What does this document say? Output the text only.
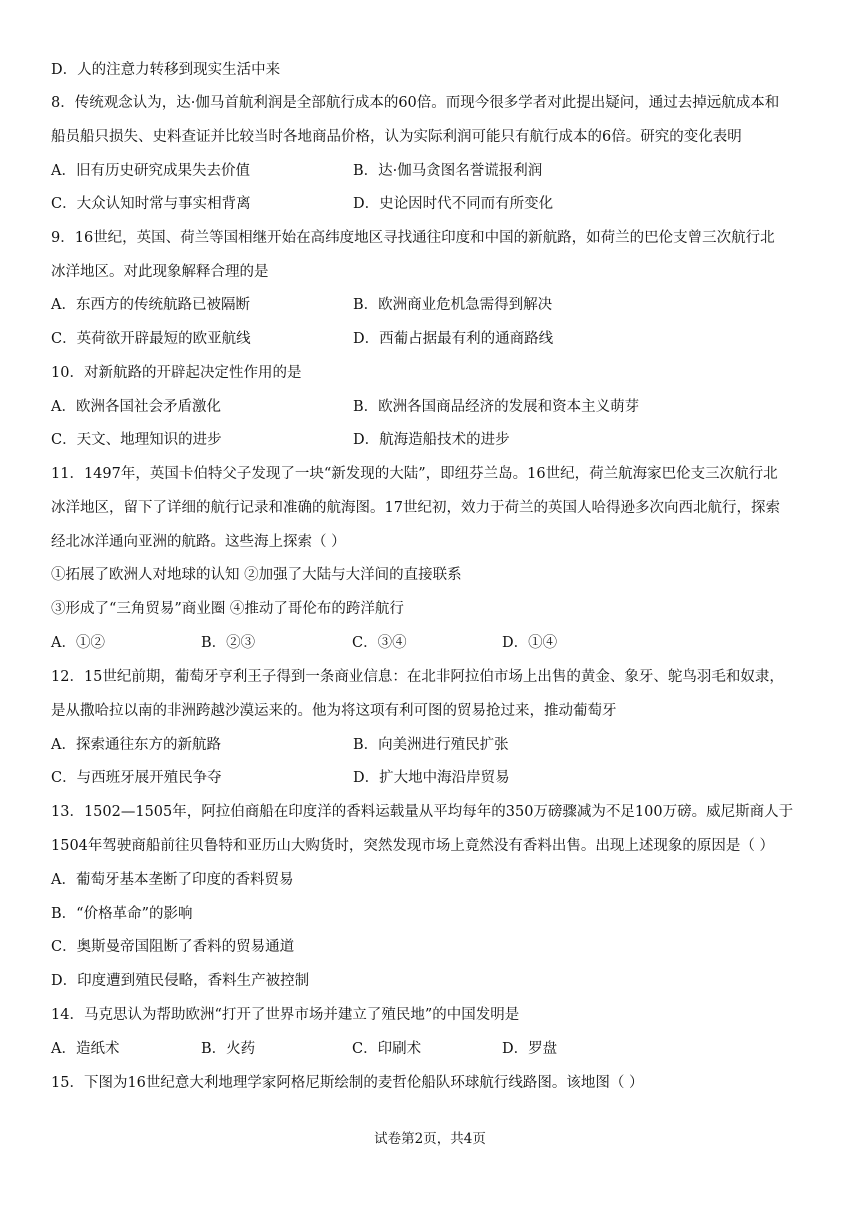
D．人的注意力转移到现实生活中来
8．传统观念认为，达·伽马首航利润是全部航行成本的60倍。而现今很多学者对此提出疑问，通过去掉远航成本和
船员船只损失、史料查证并比较当时各地商品价格，认为实际利润可能只有航行成本的6倍。研究的变化表明
A．旧有历史研究成果失去价值	B．达·伽马贪图名誉谎报利润
C．大众认知时常与事实相背离	D．史论因时代不同而有所变化
9．16世纪，英国、荷兰等国相继开始在高纬度地区寻找通往印度和中国的新航路，如荷兰的巴伦支曾三次航行北
冰洋地区。对此现象解释合理的是
A．东西方的传统航路已被隔断	B．欧洲商业危机急需得到解决
C．英荷欲开辟最短的欧亚航线	D．西葡占据最有利的通商路线
10．对新航路的开辟起决定性作用的是
A．欧洲各国社会矛盾激化	B．欧洲各国商品经济的发展和资本主义萌芽
C．天文、地理知识的进步	D．航海造船技术的进步
11．1497年，英国卡伯特父子发现了一块“新发现的大陆”，即纽芬兰岛。16世纪，荷兰航海家巴伦支三次航行北
冰洋地区，留下了详细的航行记录和准确的航海图。17世纪初，效力于荷兰的英国人哈得逊多次向西北航行，探索
经北冰洋通向亚洲的航路。这些海上探索（ ）
①拓展了欧洲人对地球的认知 ②加强了大陆与大洋间的直接联系
③形成了“三角贸易”商业圈 ④推动了哥伦布的跨洋航行
A．①②	B．②③	C．③④	D．①④
12．15世纪前期，葡萄牙亨利王子得到一条商业信息：在北非阿拉伯市场上出售的黄金、象牙、鸵鸟羽毛和奴隶，
是从撒哈拉以南的非洲跨越沙漠运来的。他为将这项有利可图的贸易抢过来，推动葡萄牙
A．探索通往东方的新航路	B．向美洲进行殖民扩张
C．与西班牙展开殖民争夺	D．扩大地中海沿岸贸易
13．1502—1505年，阿拉伯商船在印度洋的香料运载量从平均每年的350万磅骤减为不足100万磅。威尼斯商人于
1504年驾驶商船前往贝鲁特和亚历山大购货时，突然发现市场上竟然没有香料出售。出现上述现象的原因是（ ）
A．葡萄牙基本垄断了印度的香料贸易
B．“价格革命”的影响
C．奥斯曼帝国阻断了香料的贸易通道
D．印度遭到殖民侵略，香料生产被控制
14．马克思认为帮助欧洲“打开了世界市场并建立了殖民地”的中国发明是
A．造纸术	B．火药	C．印刷术	D．罗盘
15．下图为16世纪意大利地理学家阿格尼斯绘制的麦哲伦船队环球航行线路图。该地图（ ）
试卷第2页，共4页
